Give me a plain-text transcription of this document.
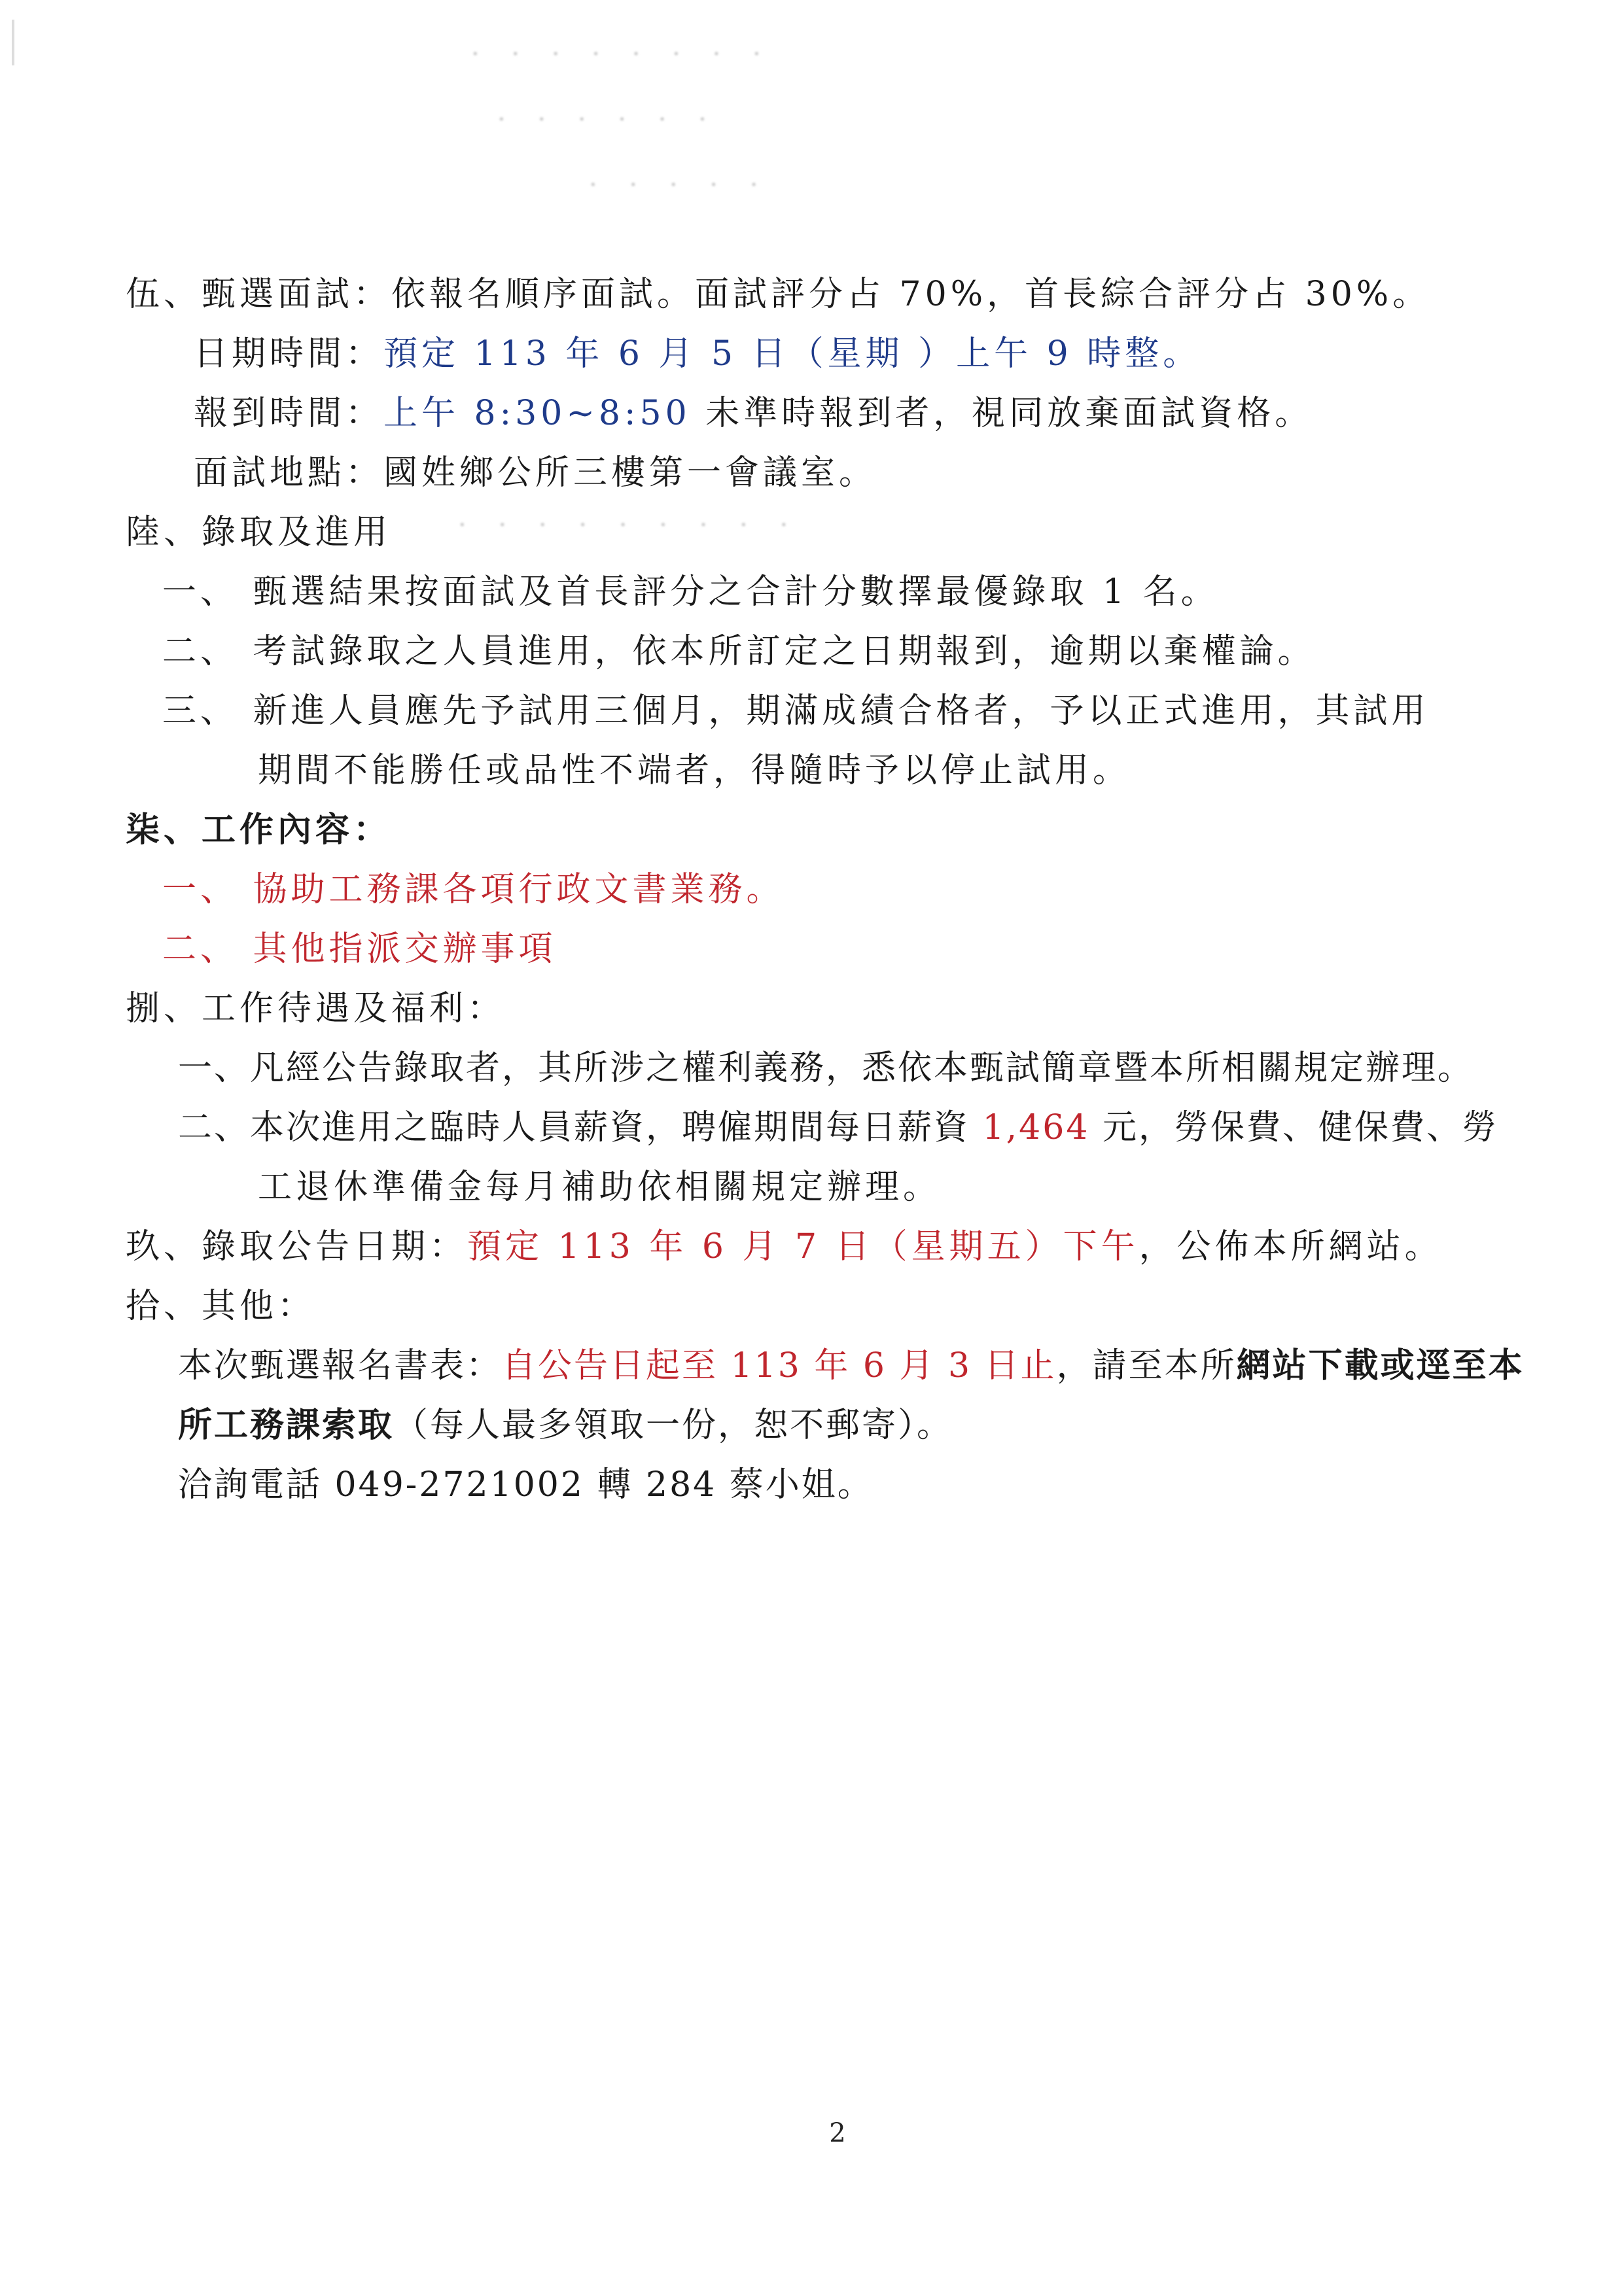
· · · · · · · ·
· · · · · ·
· · · · ·
· · · · · · · · ·
伍、甄選面試：依報名順序面試。面試評分占 70%，首長綜合評分占 30%。
日期時間：預定 113 年 6 月 5 日（星期 ）上午 9 時整。
報到時間：上午 8:30~8:50 未準時報到者，視同放棄面試資格。
面試地點：國姓鄉公所三樓第一會議室。
陸、錄取及進用
一、 甄選結果按面試及首長評分之合計分數擇最優錄取 1 名。
二、 考試錄取之人員進用，依本所訂定之日期報到，逾期以棄權論。
三、 新進人員應先予試用三個月，期滿成績合格者，予以正式進用，其試用
期間不能勝任或品性不端者，得隨時予以停止試用。
柒、工作內容：
一、 協助工務課各項行政文書業務。
二、 其他指派交辦事項
捌、工作待遇及福利：
一、凡經公告錄取者，其所涉之權利義務，悉依本甄試簡章暨本所相關規定辦理。
二、本次進用之臨時人員薪資，聘僱期間每日薪資 1,464 元，勞保費、健保費、勞
工退休準備金每月補助依相關規定辦理。
玖、錄取公告日期：預定 113 年 6 月 7 日（星期五）下午，公佈本所網站。
拾、其他：
本次甄選報名書表：自公告日起至 113 年 6 月 3 日止，請至本所網站下載或逕至本
所工務課索取（每人最多領取一份，恕不郵寄）。
洽詢電話 049-2721002 轉 284 蔡小姐。
2
